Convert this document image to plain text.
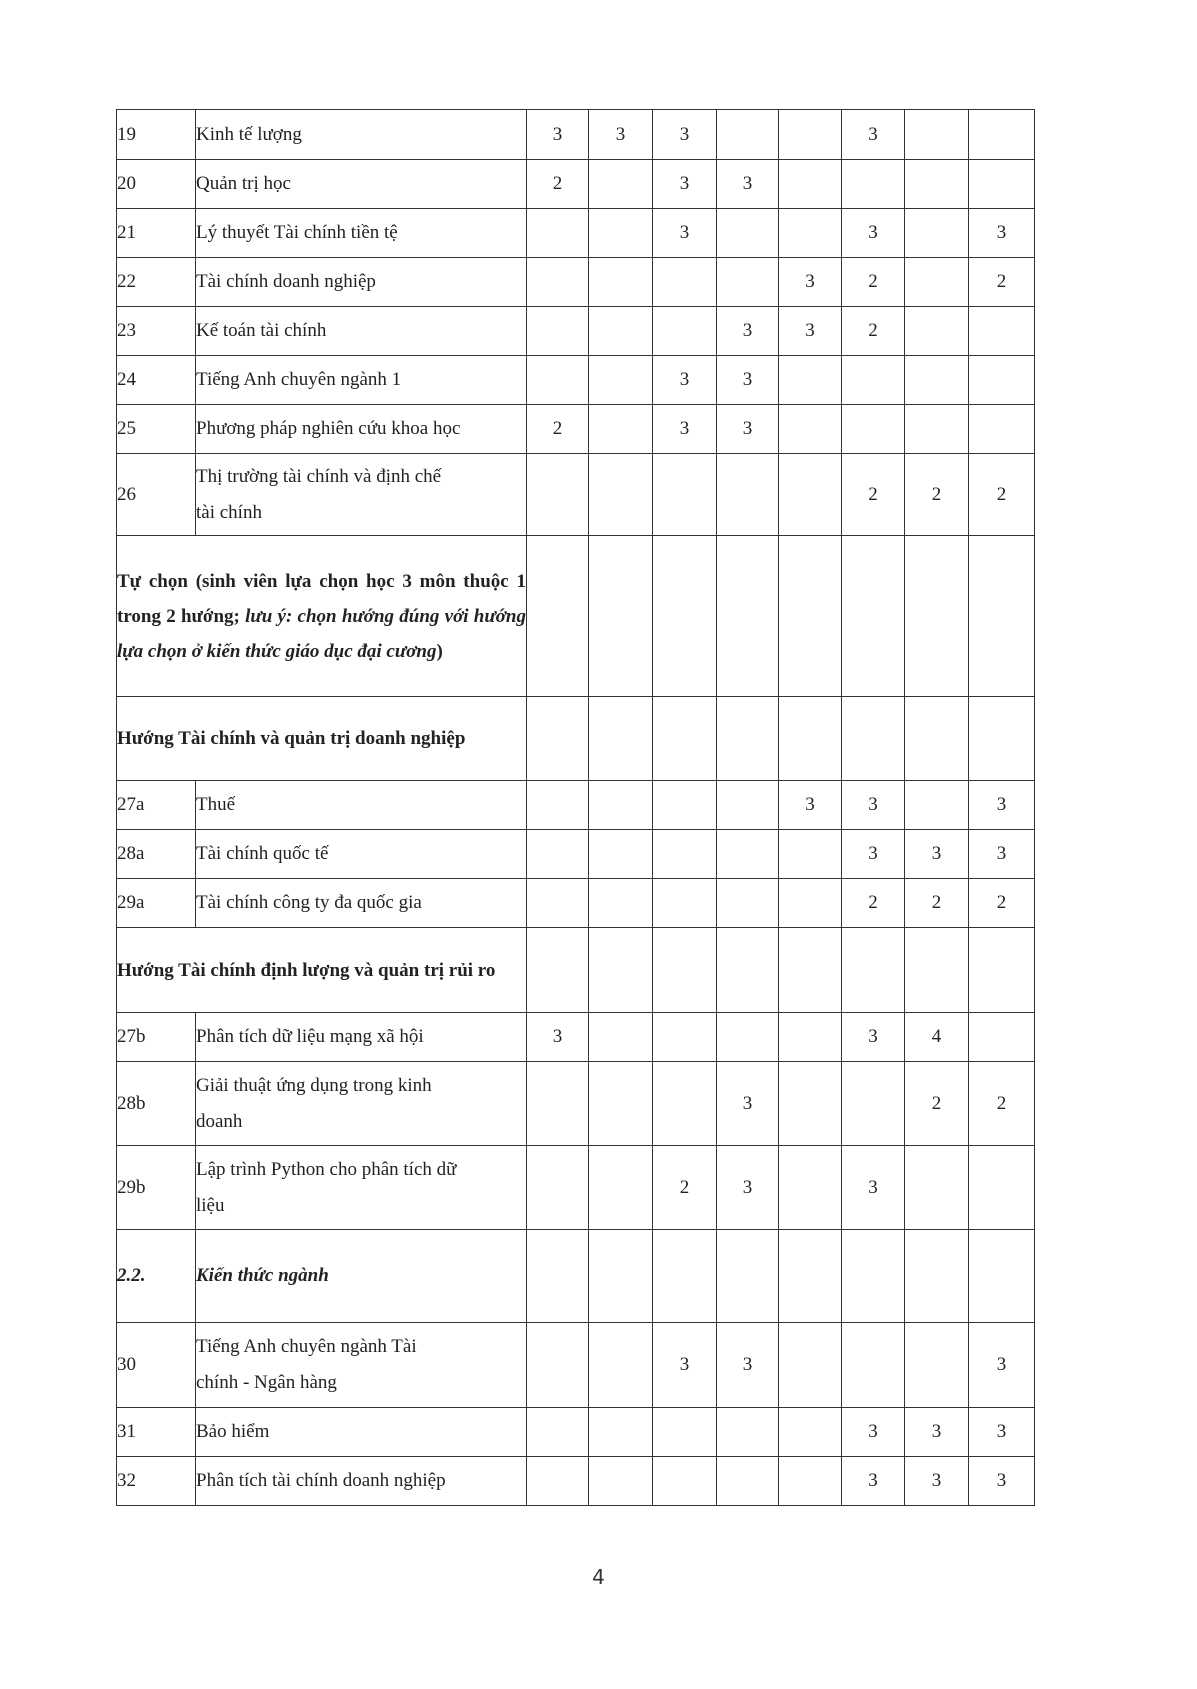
19	Kinh tế lượng	3	3	3			3		
20	Quản trị học	2		3	3				
21	Lý thuyết Tài chính tiền tệ			3			3		3
22	Tài chính doanh nghiệp					3	2		2
23	Kế toán tài chính				3	3	2		
24	Tiếng Anh chuyên ngành 1			3	3				
25	Phương pháp nghiên cứu khoa học	2		3	3				
26	Thị trường tài chính và định chế
tài chính						2	2	2
Tự chọn (sinh viên lựa chọn học 3 môn thuộc 1 trong 2 hướng; lưu ý: chọn hướng đúng với hướng lựa chọn ở kiến thức giáo dục đại cương)									
Hướng Tài chính và quản trị doanh nghiệp									
27a	Thuế					3	3		3
28a	Tài chính quốc tế						3	3	3
29a	Tài chính công ty đa quốc gia						2	2	2
Hướng Tài chính định lượng và quản trị rủi ro									
27b	Phân tích dữ liệu mạng xã hội	3					3	4	
28b	Giải thuật ứng dụng trong kinh
doanh				3			2	2
29b	Lập trình Python cho phân tích dữ
liệu			2	3		3		
2.2.	Kiến thức ngành								
30	Tiếng Anh chuyên ngành Tài
chính - Ngân hàng			3	3				3
31	Bảo hiểm						3	3	3
32	Phân tích tài chính doanh nghiệp						3	3	3
4
